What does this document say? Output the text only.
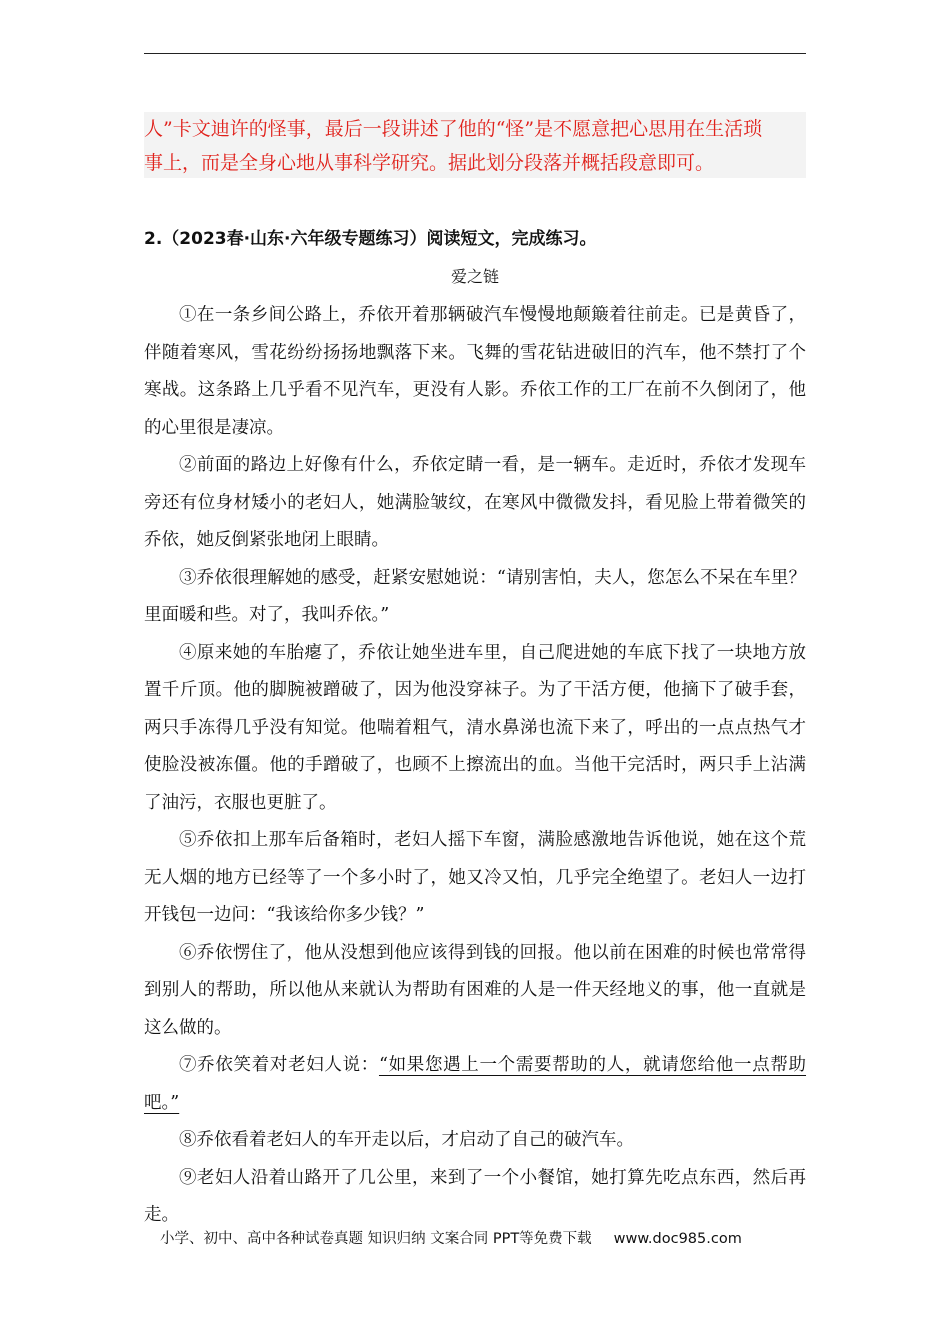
人”卡文迪许的怪事，最后一段讲述了他的“怪”是不愿意把心思用在生活琐

事上，而是全身心地从事科学研究。据此划分段落并概括段意即可。

2.（2023春·山东·六年级专题练习）阅读短文，完成练习。
爱之链

①在一条乡间公路上，乔依开着那辆破汽车慢慢地颠簸着往前走。已是黄昏了，伴随着寒风，雪花纷纷扬扬地飘落下来。飞舞的雪花钻进破旧的汽车，他不禁打了个寒战。这条路上几乎看不见汽车，更没有人影。乔依工作的工厂在前不久倒闭了，他的心里很是凄凉。

②前面的路边上好像有什么，乔依定睛一看，是一辆车。走近时，乔依才发现车旁还有位身材矮小的老妇人，她满脸皱纹，在寒风中微微发抖，看见脸上带着微笑的乔依，她反倒紧张地闭上眼睛。

③乔依很理解她的感受，赶紧安慰她说：“请别害怕，夫人，您怎么不呆在车里？里面暖和些。对了，我叫乔依。”

④原来她的车胎瘪了，乔依让她坐进车里，自己爬进她的车底下找了一块地方放置千斤顶。他的脚腕被蹭破了，因为他没穿袜子。为了干活方便，他摘下了破手套，两只手冻得几乎没有知觉。他喘着粗气，清水鼻涕也流下来了，呼出的一点点热气才使脸没被冻僵。他的手蹭破了，也顾不上擦流出的血。当他干完活时，两只手上沾满了油污，衣服也更脏了。

⑤乔依扣上那车后备箱时，老妇人摇下车窗，满脸感激地告诉他说，她在这个荒无人烟的地方已经等了一个多小时了，她又冷又怕，几乎完全绝望了。老妇人一边打开钱包一边问：“我该给你多少钱？”

⑥乔依愣住了，他从没想到他应该得到钱的回报。他以前在困难的时候也常常得到别人的帮助，所以他从来就认为帮助有困难的人是一件天经地义的事，他一直就是这么做的。

⑦乔依笑着对老妇人说：“如果您遇上一个需要帮助的人，就请您给他一点帮助吧。”

⑧乔依看着老妇人的车开走以后，才启动了自己的破汽车。

⑨老妇人沿着山路开了几公里，来到了一个小餐馆，她打算先吃点东西，然后再走。

小学、初中、高中各种试卷真题 知识归纳 文案合同 PPT等免费下载 www.doc985.com
